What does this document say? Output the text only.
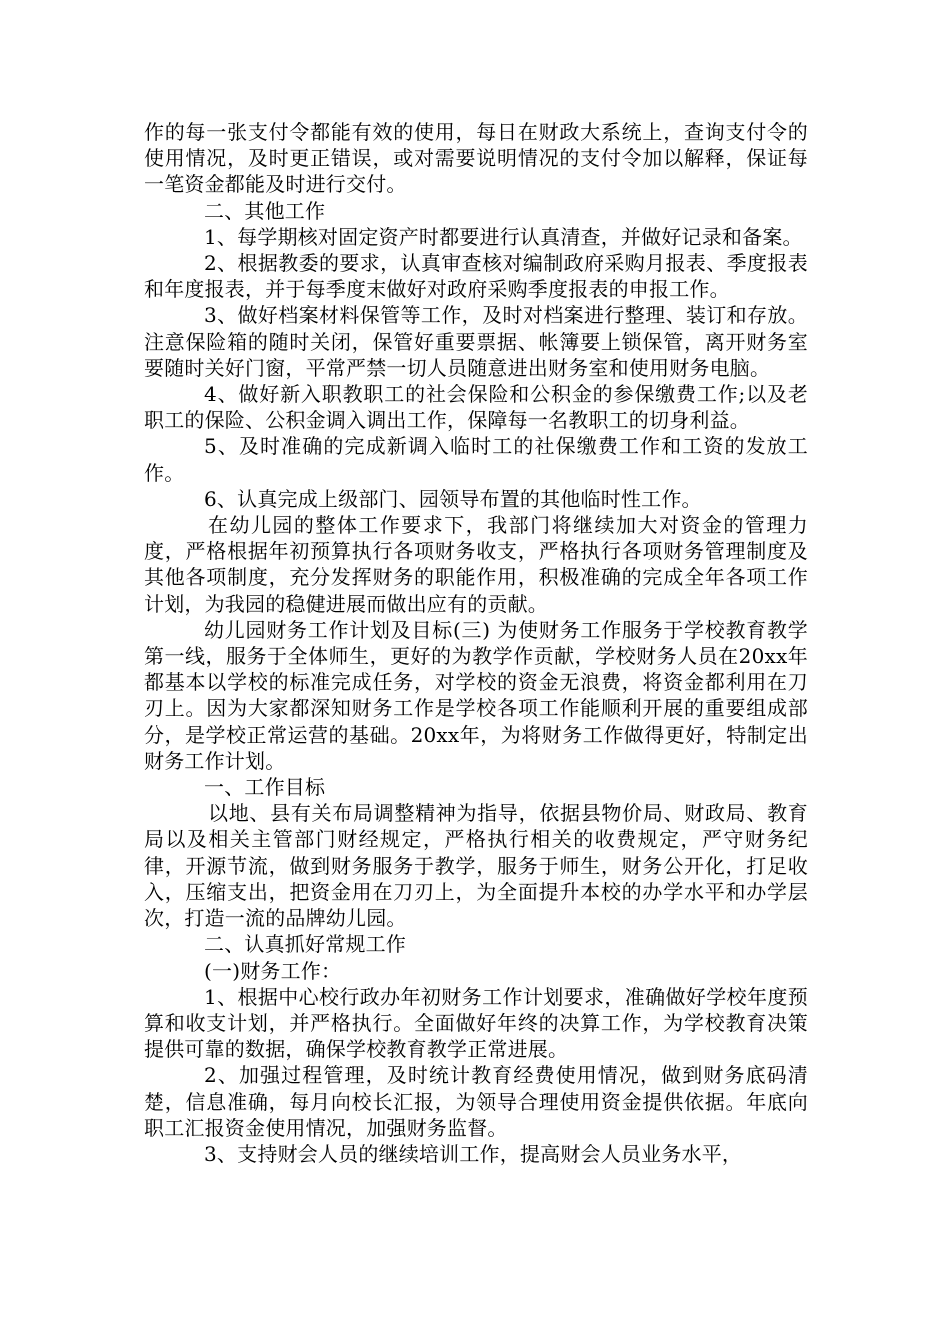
作的每一张支付令都能有效的使用，每日在财政大系统上，查询支付令的使用情况，及时更正错误，或对需要说明情况的支付令加以解释，保证每一笔资金都能及时进行交付。

二、其他工作

1、每学期核对固定资产时都要进行认真清查，并做好记录和备案。

2、根据教委的要求，认真审查核对编制政府采购月报表、季度报表和年度报表，并于每季度末做好对政府采购季度报表的申报工作。

3、做好档案材料保管等工作，及时对档案进行整理、装订和存放。注意保险箱的随时关闭，保管好重要票据、帐簿要上锁保管，离开财务室要随时关好门窗，平常严禁一切人员随意进出财务室和使用财务电脑。

4、做好新入职教职工的社会保险和公积金的参保缴费工作;以及老职工的保险、公积金调入调出工作，保障每一名教职工的切身利益。

5、及时准确的完成新调入临时工的社保缴费工作和工资的发放工作。

6、认真完成上级部门、园领导布置的其他临时性工作。

在幼儿园的整体工作要求下，我部门将继续加大对资金的管理力度，严格根据年初预算执行各项财务收支，严格执行各项财务管理制度及其他各项制度，充分发挥财务的职能作用，积极准确的完成全年各项工作计划，为我园的稳健进展而做出应有的贡献。

幼儿园财务工作计划及目标(三) 为使财务工作服务于学校教育教学第一线，服务于全体师生，更好的为教学作贡献，学校财务人员在20xx年都基本以学校的标准完成任务，对学校的资金无浪费，将资金都利用在刀刃上。因为大家都深知财务工作是学校各项工作能顺利开展的重要组成部分，是学校正常运营的基础。20xx年，为将财务工作做得更好，特制定出财务工作计划。

一、工作目标

以地、县有关布局调整精神为指导，依据县物价局、财政局、教育局以及相关主管部门财经规定，严格执行相关的收费规定，严守财务纪律，开源节流，做到财务服务于教学，服务于师生，财务公开化，打足收入，压缩支出，把资金用在刀刃上，为全面提升本校的办学水平和办学层次，打造一流的品牌幼儿园。

二、认真抓好常规工作

(一)财务工作：

1、根据中心校行政办年初财务工作计划要求，准确做好学校年度预算和收支计划，并严格执行。全面做好年终的决算工作，为学校教育决策提供可靠的数据，确保学校教育教学正常进展。

2、加强过程管理，及时统计教育经费使用情况，做到财务底码清楚，信息准确，每月向校长汇报，为领导合理使用资金提供依据。年底向职工汇报资金使用情况，加强财务监督。

3、支持财会人员的继续培训工作，提高财会人员业务水平，
